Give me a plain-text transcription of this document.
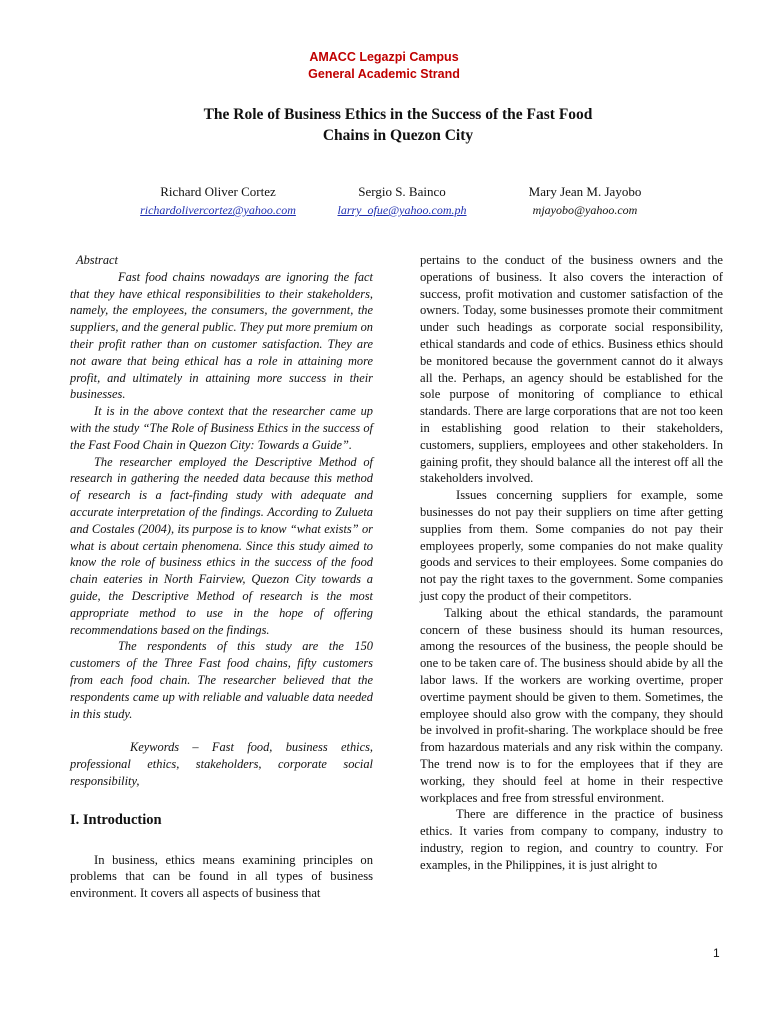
AMACC Legazpi Campus
General Academic Strand
The Role of Business Ethics in the Success of the Fast Food
Chains in Quezon City
Richard Oliver Cortez
richardolivercortez@yahoo.com
Sergio S. Bainco
larry_ofue@yahoo.com.ph
Mary Jean M. Jayobo
mjayobo@yahoo.com
Abstract

Fast food chains nowadays are ignoring the fact that they have ethical responsibilities to their stakeholders, namely, the employees, the consumers, the government, the suppliers, and the general public. They put more premium on their profit rather than on customer satisfaction. They are not aware that being ethical has a role in attaining more profit, and ultimately in attaining more success in their businesses.

It is in the above context that the researcher came up with the study “The Role of Business Ethics in the success of the Fast Food Chain in Quezon City: Towards a Guide”.

The researcher employed the Descriptive Method of research in gathering the needed data because this method of research is a fact-finding study with adequate and accurate interpretation of the findings. According to Zulueta and Costales (2004), its purpose is to know “what exists” or what is about certain phenomena. Since this study aimed to know the role of business ethics in the success of the food chain eateries in North Fairview, Quezon City towards a guide, the Descriptive Method of research is the most appropriate method to use in the hope of offering recommendations based on the findings.

The respondents of this study are the 150 customers of the Three Fast food chains, fifty customers from each food chain. The researcher believed that the respondents came up with reliable and valuable data needed in this study.

Keywords – Fast food, business ethics, professional ethics, stakeholders, corporate social responsibility,

I. Introduction

In business, ethics means examining principles on problems that can be found in all types of business environment. It covers all aspects of business that

pertains to the conduct of the business owners and the operations of business. It also covers the interaction of success, profit motivation and customer satisfaction of the owners. Today, some businesses promote their commitment under such headings as corporate social responsibility, ethical standards and code of ethics. Business ethics should be monitored because the government cannot do it always all the. Perhaps, an agency should be established for the sole purpose of monitoring of compliance to ethical standards. There are large corporations that are not too keen in establishing good relation to their stakeholders, customers, suppliers, employees and other stakeholders. In gaining profit, they should balance all the interest off all the stakeholders involved.

Issues concerning suppliers for example, some businesses do not pay their suppliers on time after getting supplies from them. Some companies do not pay their employees properly, some companies do not make quality goods and services to their employees. Some companies do not pay the right taxes to the government. Some companies just copy the product of their competitors.

Talking about the ethical standards, the paramount concern of these business should its human resources, among the resources of the business, the people should be one to be taken care of. The business should abide by all the labor laws. If the workers are working overtime, proper overtime payment should be given to them. Sometimes, the employee should also grow with the company, they should be involved in profit-sharing. The workplace should be free from hazardous materials and any risk within the company. The trend now is to for the employees that if they are working, they should feel at home in their respective workplaces and free from stressful environment.

There are difference in the practice of business ethics. It varies from company to company, industry to industry, region to region, and country to country. For examples, in the Philippines, it is just alright to

1
